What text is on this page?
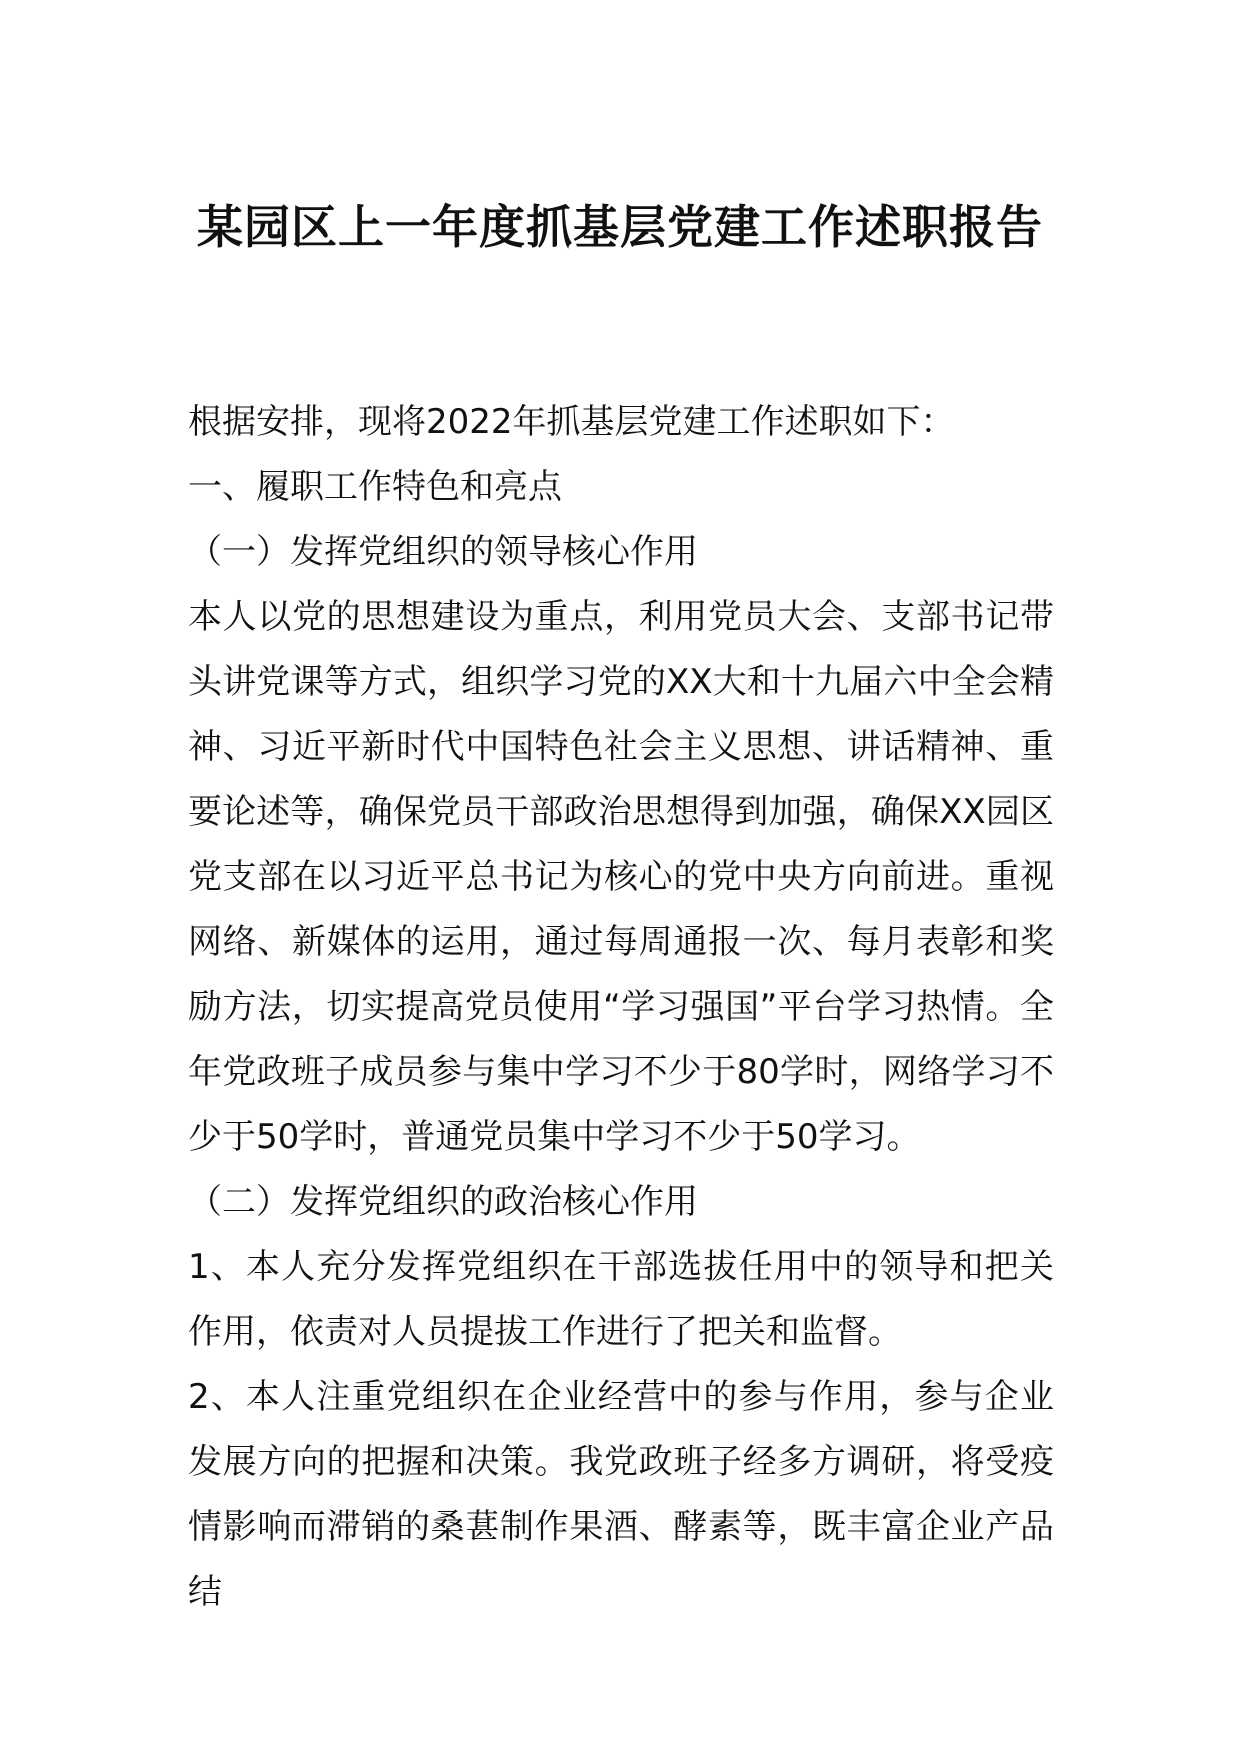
某园区上一年度抓基层党建工作述职报告

根据安排，现将2022年抓基层党建工作述职如下：

一、履职工作特色和亮点

（一）发挥党组织的领导核心作用

本人以党的思想建设为重点，利用党员大会、支部书记带头讲党课等方式，组织学习党的XX大和十九届六中全会精神、习近平新时代中国特色社会主义思想、讲话精神、重要论述等，确保党员干部政治思想得到加强，确保XX园区党支部在以习近平总书记为核心的党中央方向前进。重视网络、新媒体的运用，通过每周通报一次、每月表彰和奖励方法，切实提高党员使用“学习强国”平台学习热情。全年党政班子成员参与集中学习不少于80学时，网络学习不少于50学时，普通党员集中学习不少于50学习。

（二）发挥党组织的政治核心作用

1、本人充分发挥党组织在干部选拔任用中的领导和把关作用，依责对人员提拔工作进行了把关和监督。

2、本人注重党组织在企业经营中的参与作用，参与企业发展方向的把握和决策。我党政班子经多方调研，将受疫情影响而滞销的桑葚制作果酒、酵素等，既丰富企业产品结
